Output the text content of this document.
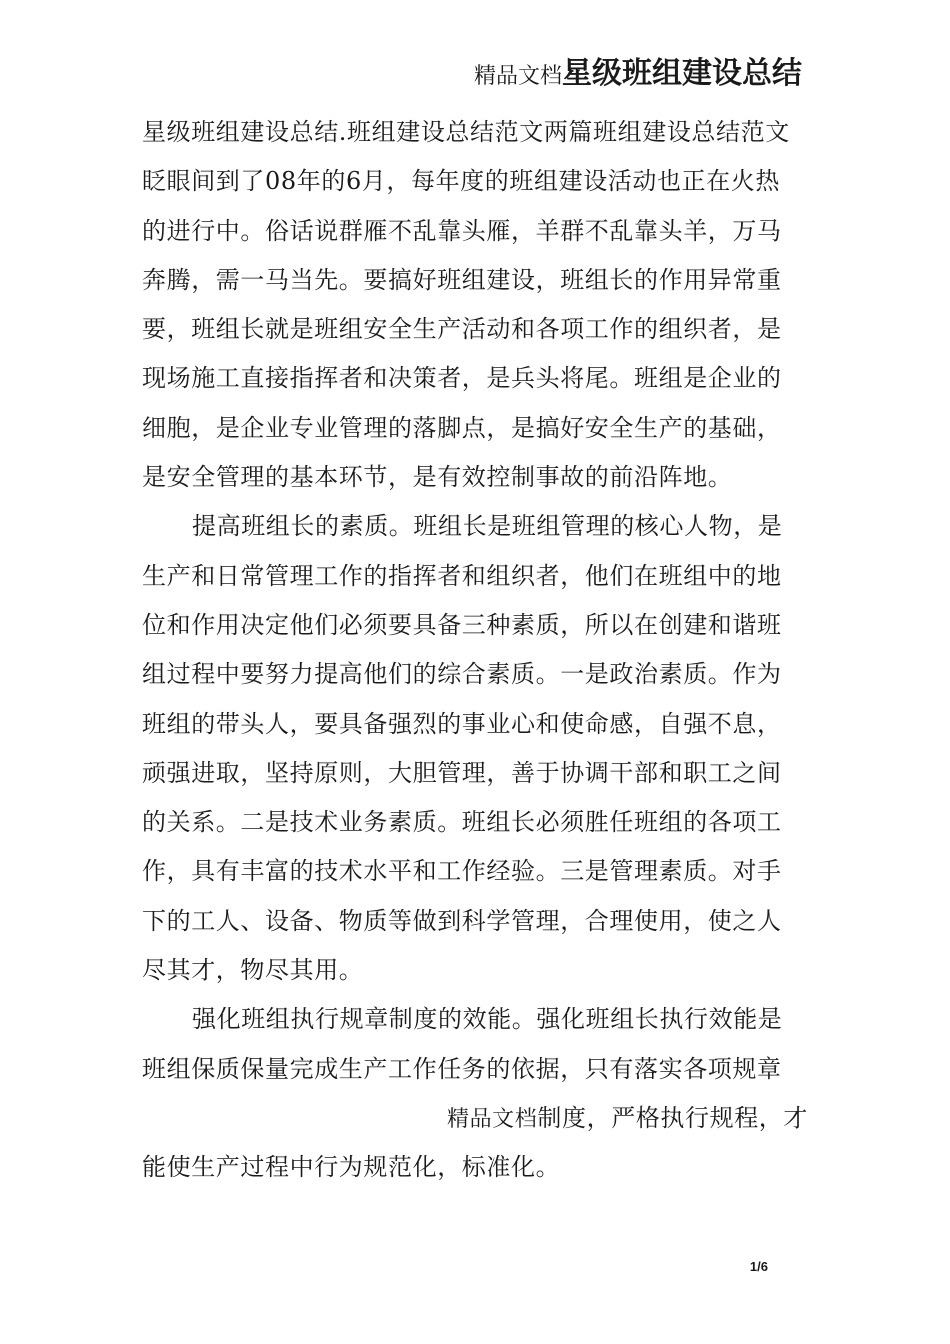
精品文档星级班组建设总结
星级班组建设总结.班组建设总结范文两篇班组建设总结范文
眨眼间到了08年的6月，每年度的班组建设活动也正在火热
的进行中。俗话说群雁不乱靠头雁，羊群不乱靠头羊，万马
奔腾，需一马当先。要搞好班组建设，班组长的作用异常重
要，班组长就是班组安全生产活动和各项工作的组织者，是
现场施工直接指挥者和决策者，是兵头将尾。班组是企业的
细胞，是企业专业管理的落脚点，是搞好安全生产的基础，
是安全管理的基本环节，是有效控制事故的前沿阵地。
提高班组长的素质。班组长是班组管理的核心人物，是
生产和日常管理工作的指挥者和组织者，他们在班组中的地
位和作用决定他们必须要具备三种素质，所以在创建和谐班
组过程中要努力提高他们的综合素质。一是政治素质。作为
班组的带头人，要具备强烈的事业心和使命感，自强不息，
顽强进取，坚持原则，大胆管理，善于协调干部和职工之间
的关系。二是技术业务素质。班组长必须胜任班组的各项工
作，具有丰富的技术水平和工作经验。三是管理素质。对手
下的工人、设备、物质等做到科学管理，合理使用，使之人
尽其才，物尽其用。
强化班组执行规章制度的效能。强化班组长执行效能是
班组保质保量完成生产工作任务的依据，只有落实各项规章
精品文档制度，严格执行规程，才
能使生产过程中行为规范化，标准化。
1/6
